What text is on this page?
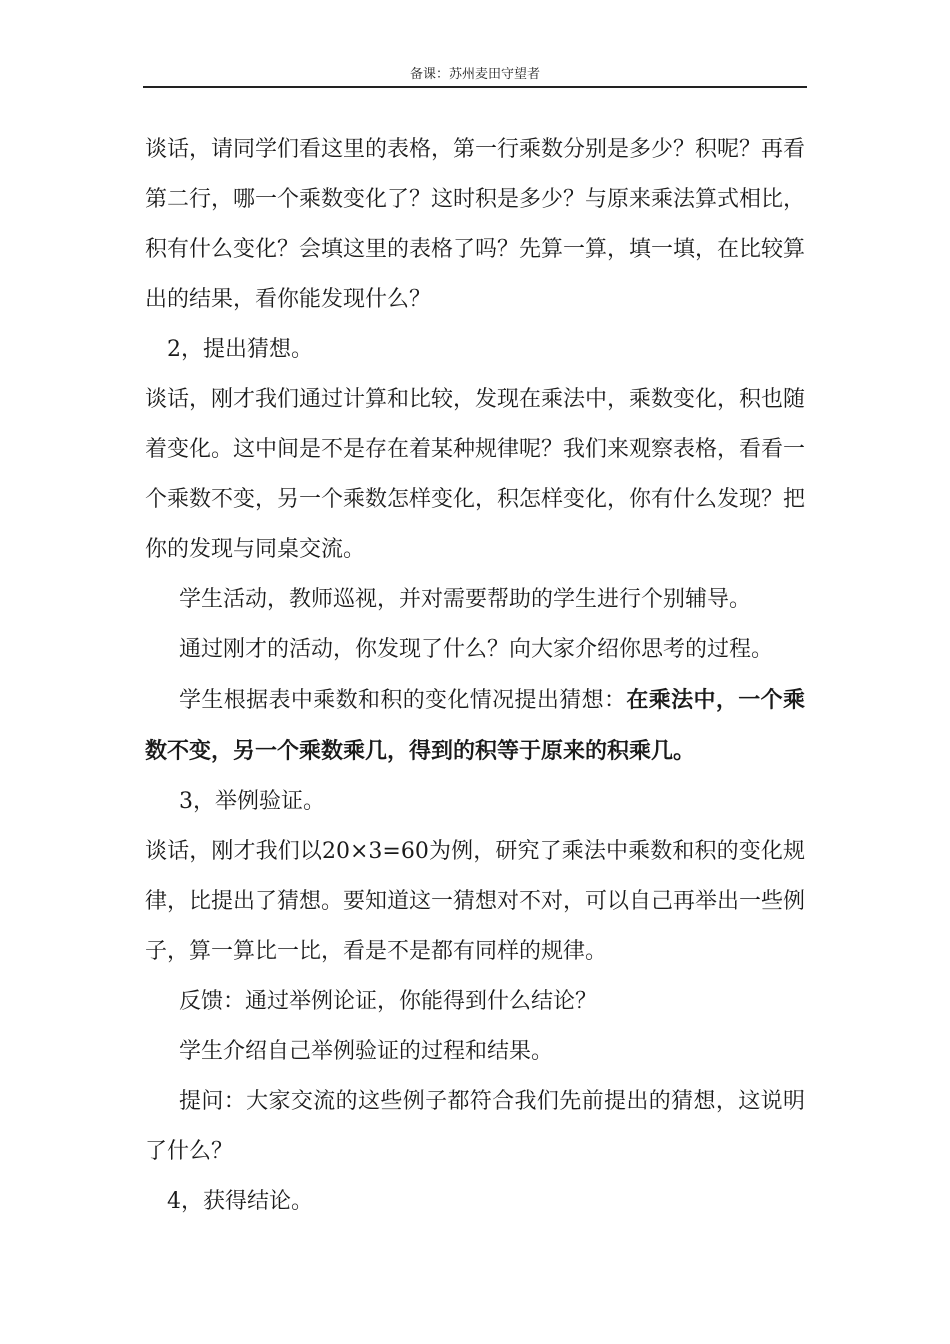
备课：苏州麦田守望者

谈话，请同学们看这里的表格，第一行乘数分别是多少？积呢？再看第二行，哪一个乘数变化了？这时积是多少？与原来乘法算式相比，积有什么变化？会填这里的表格了吗？先算一算，填一填，在比较算出的结果，看你能发现什么？

2，提出猜想。

谈话，刚才我们通过计算和比较，发现在乘法中，乘数变化，积也随着变化。这中间是不是存在着某种规律呢？我们来观察表格，看看一个乘数不变，另一个乘数怎样变化，积怎样变化，你有什么发现？把你的发现与同桌交流。

学生活动，教师巡视，并对需要帮助的学生进行个别辅导。

通过刚才的活动，你发现了什么？向大家介绍你思考的过程。

学生根据表中乘数和积的变化情况提出猜想：在乘法中，一个乘数不变，另一个乘数乘几，得到的积等于原来的积乘几。

3，举例验证。

谈话，刚才我们以20×3=60为例，研究了乘法中乘数和积的变化规律，比提出了猜想。要知道这一猜想对不对，可以自己再举出一些例子，算一算比一比，看是不是都有同样的规律。

反馈：通过举例论证，你能得到什么结论？

学生介绍自己举例验证的过程和结果。

提问：大家交流的这些例子都符合我们先前提出的猜想，这说明了什么？

4，获得结论。
